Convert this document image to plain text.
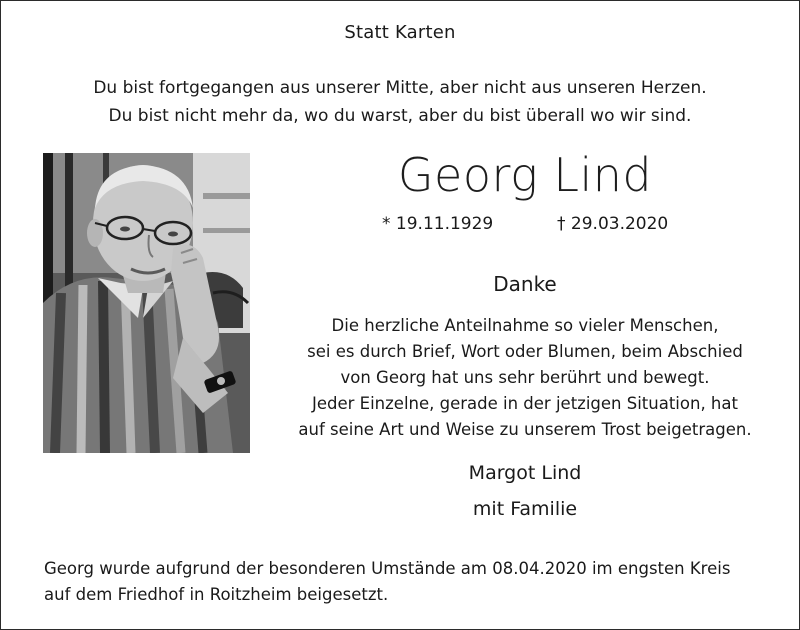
Statt Karten
Du bist fortgegangen aus unserer Mitte, aber nicht aus unseren Herzen.
Du bist nicht mehr da, wo du warst, aber du bist überall wo wir sind.
Georg Lind
* 19.11.1929	† 29.03.2020
Danke
Die herzliche Anteilnahme so vieler Menschen,
sei es durch Brief, Wort oder Blumen, beim Abschied
von Georg hat uns sehr berührt und bewegt.
Jeder Einzelne, gerade in der jetzigen Situation, hat
auf seine Art und Weise zu unserem Trost beigetragen.
Margot Lind
mit Familie
Georg wurde aufgrund der besonderen Umstände am 08.04.2020 im engsten Kreis
auf dem Friedhof in Roitzheim beigesetzt.
